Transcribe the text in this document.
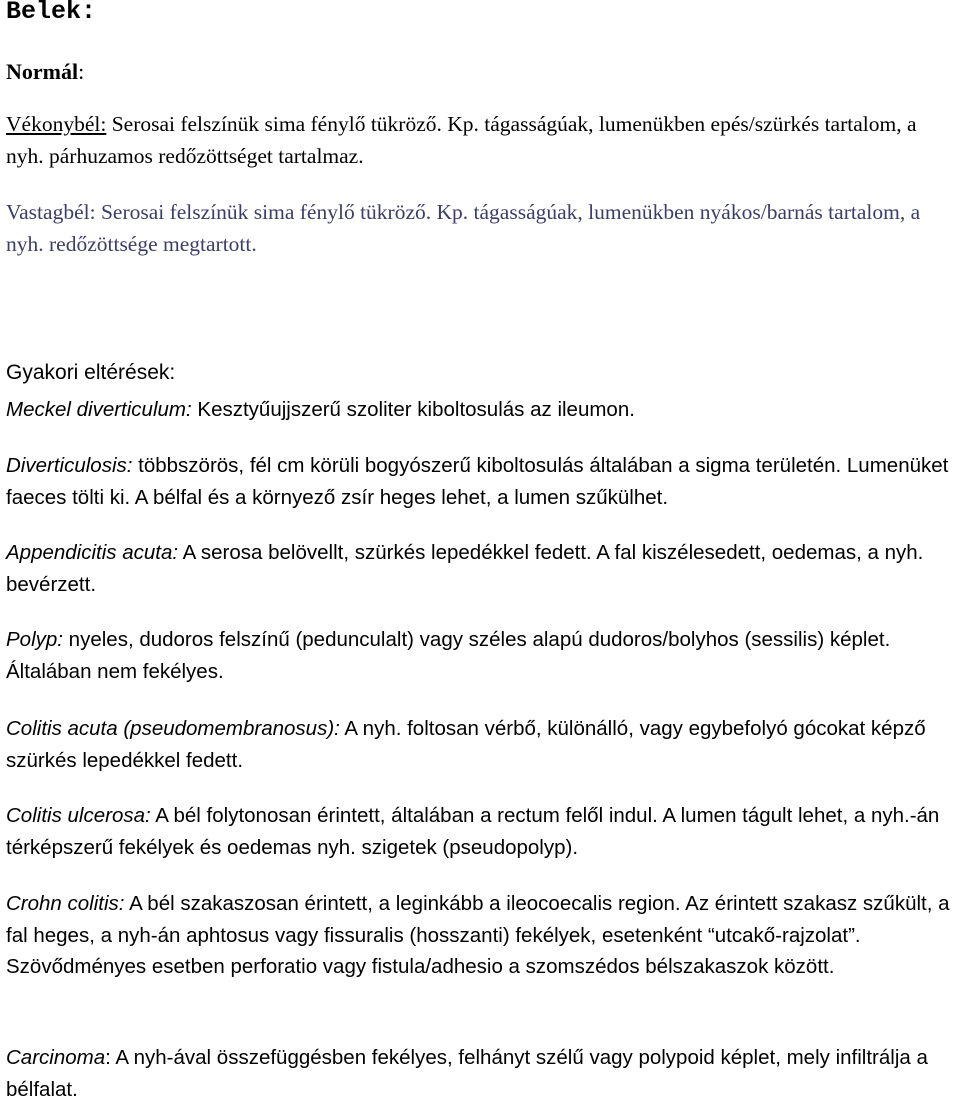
Belek:
Normál:

Vékonybél: Serosai felszínük sima fénylő tükröző. Kp. tágasságúak, lumenükben epés/szürkés tartalom, a nyh. párhuzamos redőzöttséget tartalmaz.

Vastagbél: Serosai felszínük sima fénylő tükröző. Kp. tágasságúak, lumenükben nyákos/barnás tartalom, a nyh. redőzöttsége megtartott.

Gyakori eltérések:

Meckel diverticulum: Kesztyűujjszerű szoliter kiboltosulás az ileumon.

Diverticulosis: többszörös, fél cm körüli bogyószerű kiboltosulás általában a sigma területén. Lumenüket faeces tölti ki. A bélfal és a környező zsír heges lehet, a lumen szűkülhet.

Appendicitis acuta: A serosa belövellt, szürkés lepedékkel fedett. A fal kiszélesedett, oedemas, a nyh. bevérzett.

Polyp: nyeles, dudoros felszínű (pedunculalt) vagy széles alapú dudoros/bolyhos (sessilis) képlet. Általában nem fekélyes.

Colitis acuta (pseudomembranosus): A nyh. foltosan vérbő, különálló, vagy egybefolyó gócokat képző szürkés lepedékkel fedett.

Colitis ulcerosa: A bél folytonosan érintett, általában a rectum felől indul. A lumen tágult lehet, a nyh.-án térképszerű fekélyek és oedemas nyh. szigetek (pseudopolyp).

Crohn colitis: A bél szakaszosan érintett, a leginkább a ileocoecalis region. Az érintett szakasz szűkült, a fal heges, a nyh-án aphtosus vagy fissuralis (hosszanti) fekélyek, esetenként “utcakő-rajzolat”. Szövődményes esetben perforatio vagy fistula/adhesio a szomszédos bélszakaszok között.

Carcinoma: A nyh-ával összefüggésben fekélyes, felhányt szélű vagy polypoid képlet, mely infiltrálja a bélfalat.
